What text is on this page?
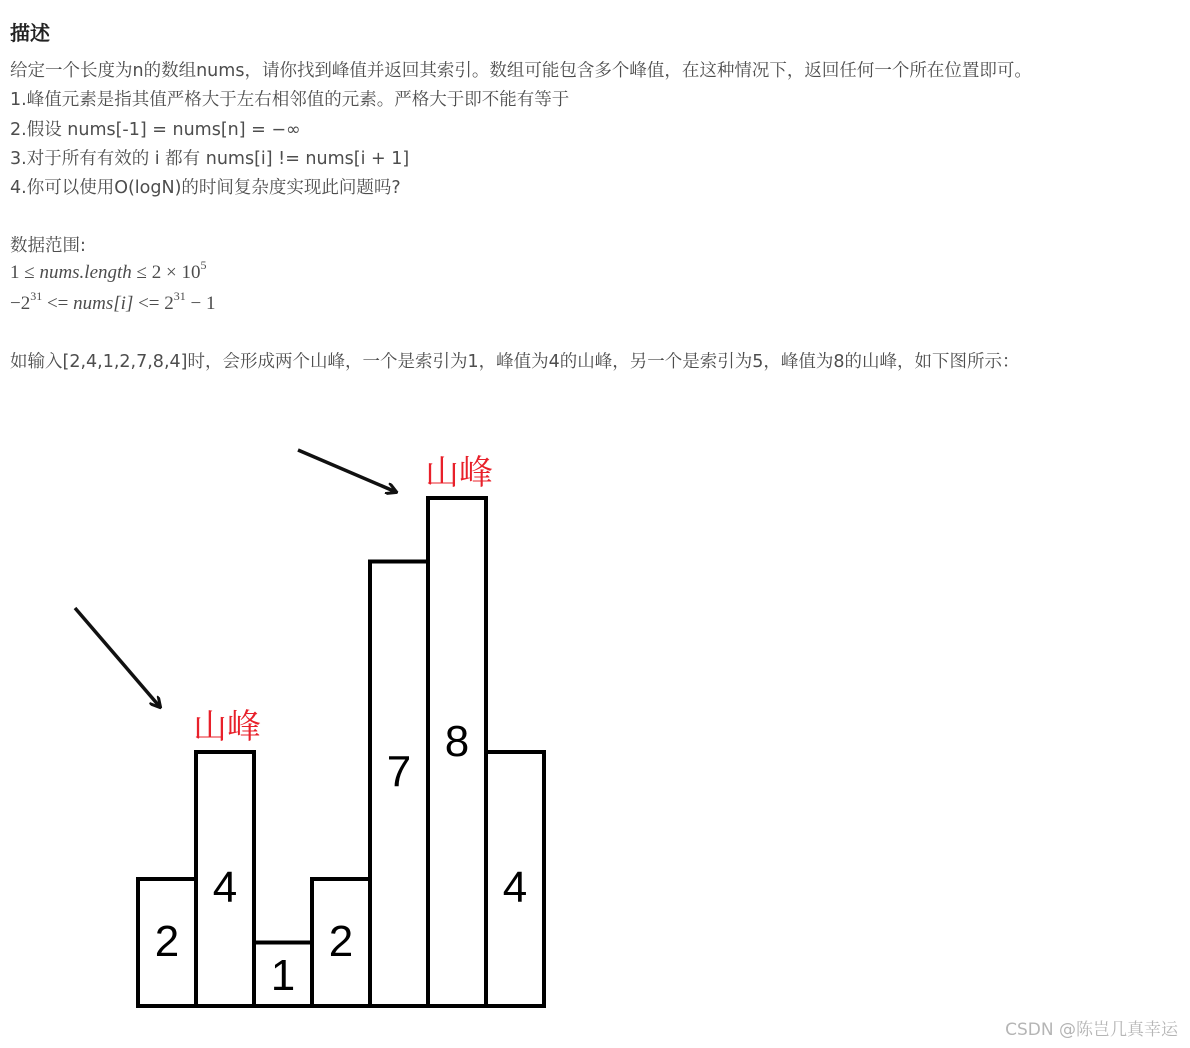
描述

给定一个长度为n的数组nums，请你找到峰值并返回其索引。数组可能包含多个峰值，在这种情况下，返回任何一个所在位置即可。

1.峰值元素是指其值严格大于左右相邻值的元素。严格大于即不能有等于

2.假设 nums[-1] = nums[n] = −∞

3.对于所有有效的 i 都有 nums[i] != nums[i + 1]

4.你可以使用O(logN)的时间复杂度实现此问题吗?

数据范围:

1 ≤ nums.length ≤ $2 \times 10^5$

$-2^{31}$ <= nums[i] <= $2^{31} - 1$

如输入[2,4,1,2,7,8,4]时，会形成两个山峰，一个是索引为1，峰值为4的山峰，另一个是索引为5，峰值为8的山峰，如下图所示：

2
4
1
2
7
8
4
山峰
山峰
CSDN @陈岂几真幸运
